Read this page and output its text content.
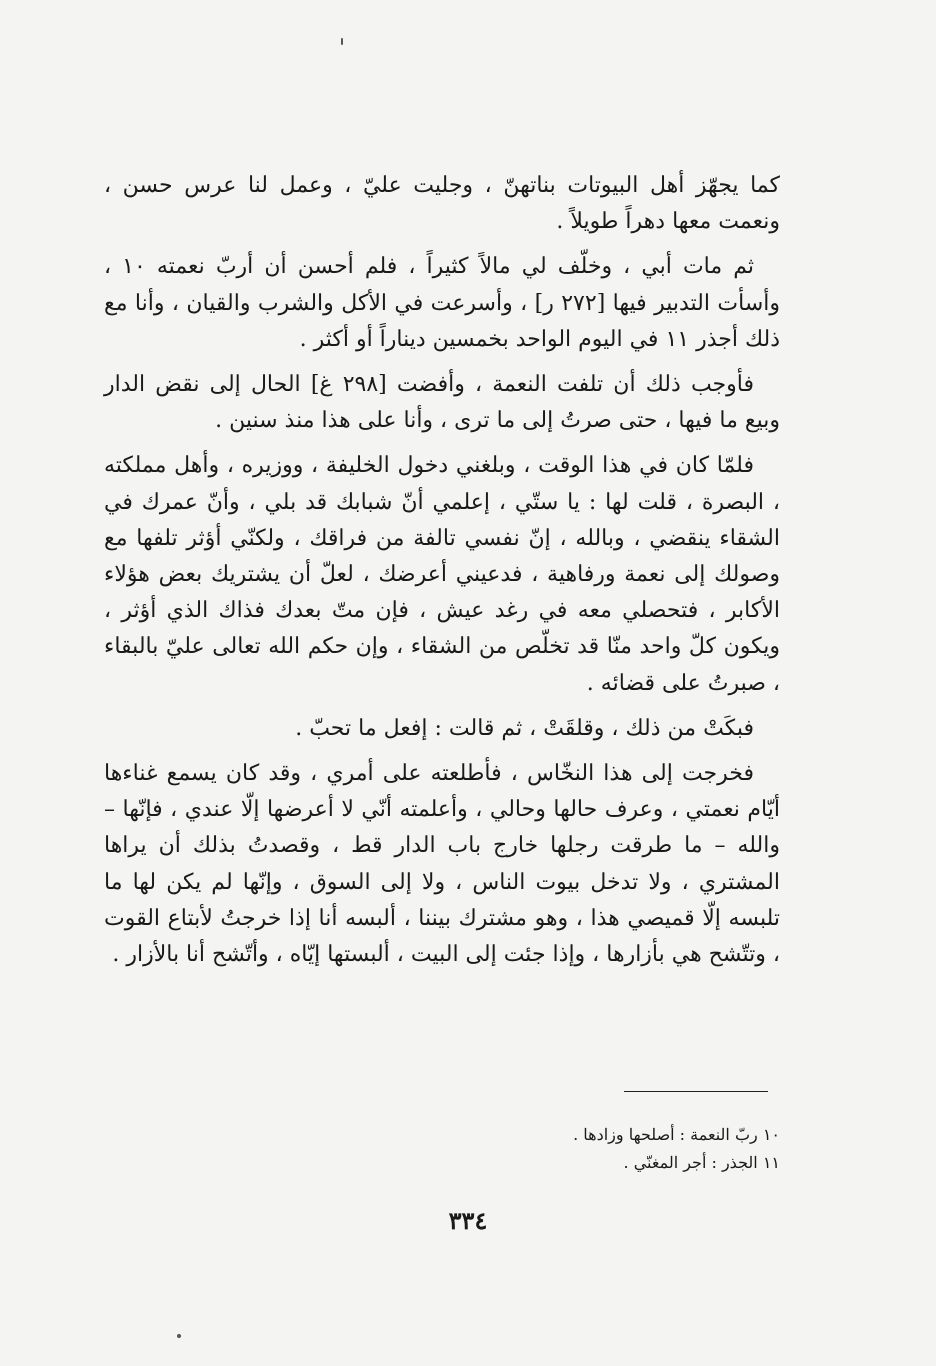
كما يجهّز أهل البيوتات بناتهنّ ، وجليت عليّ ، وعمل لنا عرس حسن ، ونعمت معها دهراً طويلاً .

ثم مات أبي ، وخلّف لي مالاً كثيراً ، فلم أحسن أن أربّ نعمته ١٠ ، وأسأت التدبير فيها [٢٧٢ ر] ، وأسرعت في الأكل والشرب والقيان ، وأنا مع ذلك أجذر ١١ في اليوم الواحد بخمسين ديناراً أو أكثر .

فأوجب ذلك أن تلفت النعمة ، وأفضت [٢٩٨ غ] الحال إلى نقض الدار وبيع ما فيها ، حتى صرتُ إلى ما ترى ، وأنا على هذا منذ سنين .

فلمّا كان في هذا الوقت ، وبلغني دخول الخليفة ، ووزيره ، وأهل مملكته ، البصرة ، قلت لها : يا ستّي ، إعلمي أنّ شبابك قد بلي ، وأنّ عمرك في الشقاء ينقضي ، وبالله ، إنّ نفسي تالفة من فراقك ، ولكنّي أؤثر تلفها مع وصولك إلى نعمة ورفاهية ، فدعيني أعرضك ، لعلّ أن يشتريك بعض هؤلاء الأكابر ، فتحصلي معه في رغد عيش ، فإن متّ بعدك فذاك الذي أؤثر ، ويكون كلّ واحد منّا قد تخلّص من الشقاء ، وإن حكم الله تعالى عليّ بالبقاء ، صبرتُ على قضائه .

فبكَتْ من ذلك ، وقلقَتْ ، ثم قالت : إفعل ما تحبّ .

فخرجت إلى هذا النخّاس ، فأطلعته على أمري ، وقد كان يسمع غناءها أيّام نعمتي ، وعرف حالها وحالي ، وأعلمته أنّي لا أعرضها إلّا عندي ، فإنّها – والله – ما طرقت رجلها خارج باب الدار قط ، وقصدتُ بذلك أن يراها المشتري ، ولا تدخل بيوت الناس ، ولا إلى السوق ، وإنّها لم يكن لها ما تلبسه إلّا قميصي هذا ، وهو مشترك بيننا ، ألبسه أنا إذا خرجتُ لأبتاع القوت ، وتتّشح هي بأزارها ، وإذا جئت إلى البيت ، ألبستها إيّاه ، وأتّشح أنا بالأزار .

١٠ ربّ النعمة : أصلحها وزادها .

١١ الجذر : أجر المغنّي .

٣٣٤
